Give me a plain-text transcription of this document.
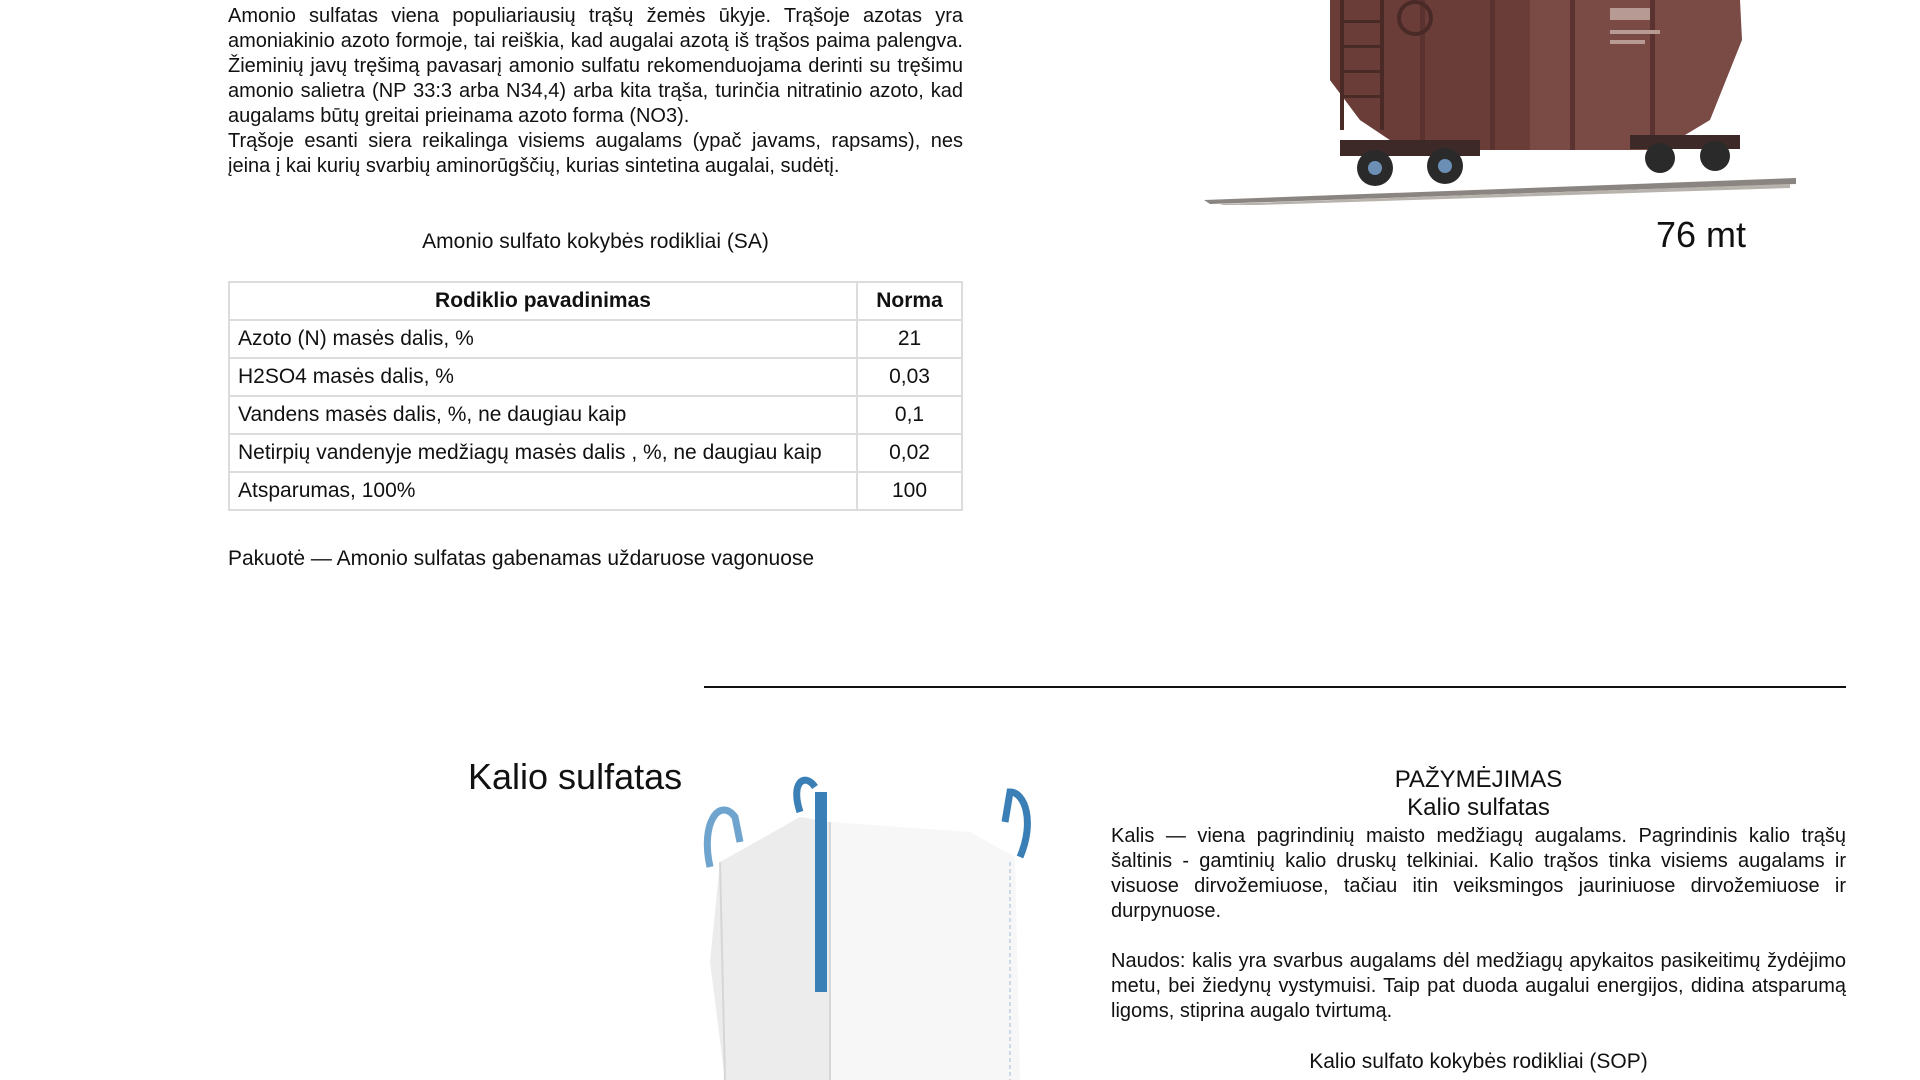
Amonio sulfatas viena populiariausių trąšų žemės ūkyje. Trąšoje azotas yra amoniakinio azoto formoje, tai reiškia, kad augalai azotą iš trąšos paima palengva. Žieminių javų tręšimą pavasarį amonio sulfatu rekomenduojama derinti su tręšimu amonio salietra (NP 33:3 arba N34,4) arba kita trąša, turinčia nitratinio azoto, kad augalams būtų greitai prieinama azoto forma (NO3).

Trąšoje esanti siera reikalinga visiems augalams (ypač javams, rapsams), nes įeina į kai kurių svarbių aminorūgščių, kurias sintetina augalai, sudėtį.

Amonio sulfato kokybės rodikliai (SA)
Rodiklio pavadinimas	Norma
Azoto (N) masės dalis, %	21
H2SO4 masės dalis, %	0,03
Vandens masės dalis, %, ne daugiau kaip	0,1
Netirpių vandenyje medžiagų masės dalis , %, ne daugiau kaip	0,02
Atsparumas, 100%	100
Pakuotė — Amonio sulfatas gabenamas uždaruose vagonuose
76 mt
Kalio sulfatas	PAŽYMĖJIMAS
Kalio sulfatas

Kalis — viena pagrindinių maisto medžiagų augalams. Pagrindinis kalio trąšų šaltinis - gamtinių kalio druskų telkiniai. Kalio trąšos tinka visiems augalams ir visuose dirvožemiuose, tačiau itin veiksmingos jauriniuose dirvožemiuose ir durpynuose.

Naudos: kalis yra svarbus augalams dėl medžiagų apykaitos pasikeitimų žydėjimo metu, bei žiedynų vystymuisi. Taip pat duoda augalui energijos, didina atsparumą ligoms, stiprina augalo tvirtumą.

Kalio sulfato kokybės rodikliai (SOP)
